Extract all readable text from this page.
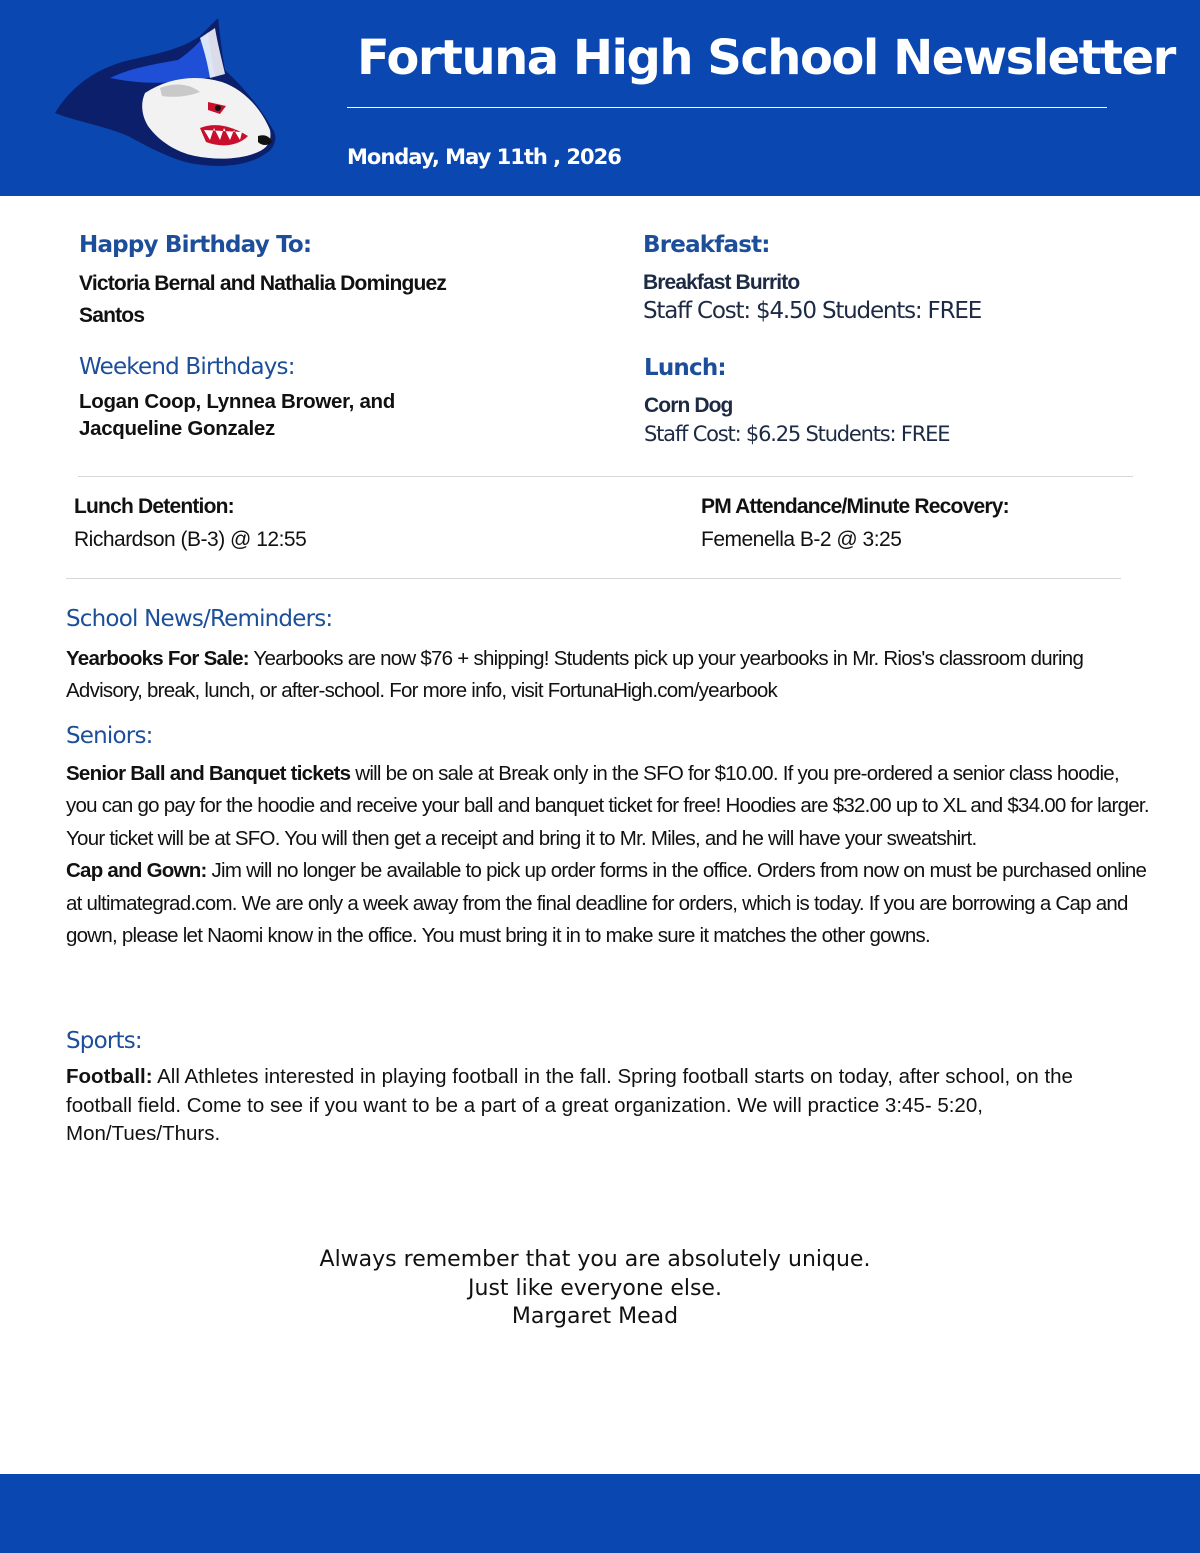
Fortuna High School Newsletter
Monday, May 11th , 2026
Happy Birthday To:
Victoria Bernal and Nathalia Dominguez Santos
Weekend Birthdays:
Logan Coop, Lynnea Brower, and Jacqueline Gonzalez
Breakfast:
Breakfast Burrito
Staff Cost: $4.50 Students: FREE
Lunch:
Corn Dog
Staff Cost: $6.25 Students: FREE
Lunch Detention:
Richardson (B-3) @ 12:55
PM Attendance/Minute Recovery:
Femenella B-2 @ 3:25
School News/Reminders:
Yearbooks For Sale: Yearbooks are now $76 + shipping! Students pick up your yearbooks in Mr. Rios's classroom during Advisory, break, lunch, or after-school. For more info, visit FortunaHigh.com/yearbook
Seniors:
Senior Ball and Banquet tickets will be on sale at Break only in the SFO for $10.00. If you pre-ordered a senior class hoodie, you can go pay for the hoodie and receive your ball and banquet ticket for free! Hoodies are $32.00 up to XL and $34.00 for larger. Your ticket will be at SFO. You will then get a receipt and bring it to Mr. Miles, and he will have your sweatshirt.
Cap and Gown: Jim will no longer be available to pick up order forms in the office. Orders from now on must be purchased online at ultimategrad.com. We are only a week away from the final deadline for orders, which is today. If you are borrowing a Cap and gown, please let Naomi know in the office. You must bring it in to make sure it matches the other gowns.
Sports:
Football: All Athletes interested in playing football in the fall. Spring football starts on today, after school, on the football field. Come to see if you want to be a part of a great organization. We will practice 3:45- 5:20, Mon/Tues/Thurs.
Always remember that you are absolutely unique.
Just like everyone else.
Margaret Mead
